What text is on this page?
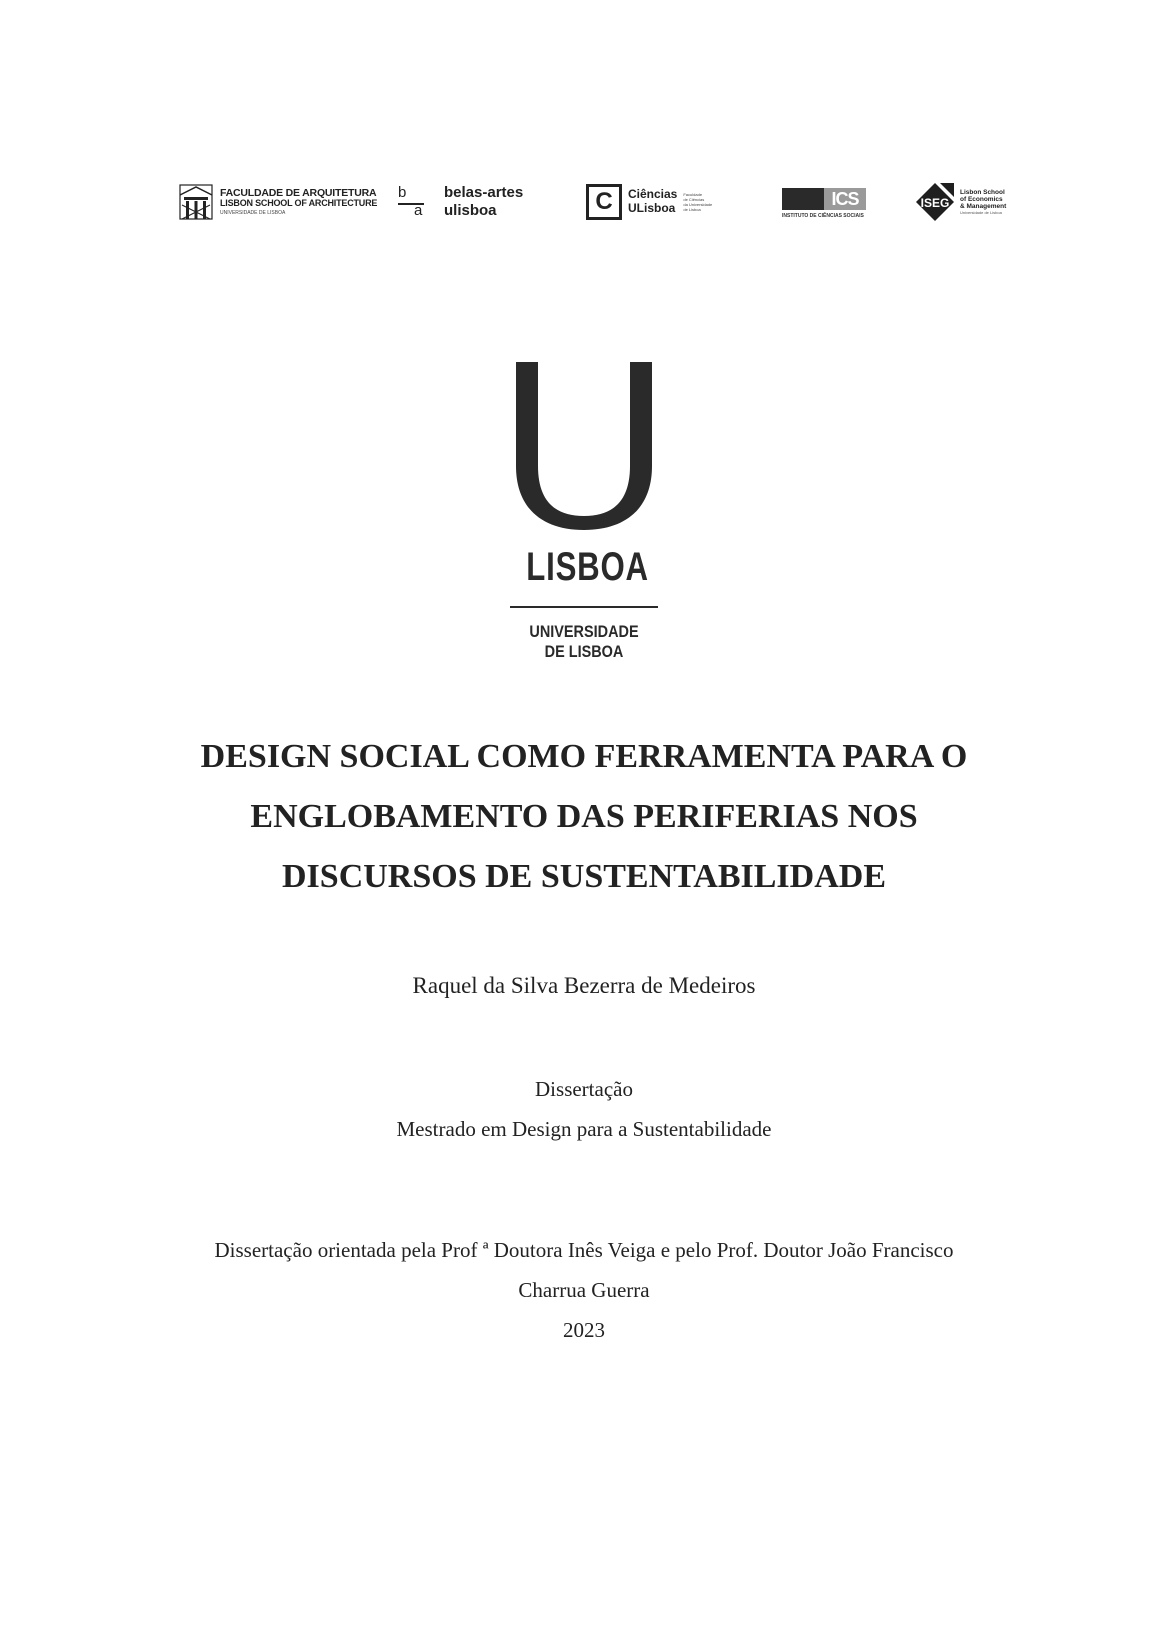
FACULDADE DE ARQUITETURA
LISBON SCHOOL OF ARCHITECTURE
UNIVERSIDADE DE LISBOA
b
a
belas-artes
ulisboa	C	Ciências
ULisboa
Faculdade
de Ciências
da Universidade
de Lisboa
ICS
INSTITUTO DE CIÊNCIAS SOCIAIS
ISEG
Lisbon School
of Economics
& Management
Universidade de Lisboa
LISBOA
UNIVERSIDADE
DE LISBOA
DESIGN SOCIAL COMO FERRAMENTA PARA O
ENGLOBAMENTO DAS PERIFERIAS NOS
DISCURSOS DE SUSTENTABILIDADE
Raquel da Silva Bezerra de Medeiros
Dissertação
Mestrado em Design para a Sustentabilidade
Dissertação orientada pela Prof ª Doutora Inês Veiga e pelo Prof. Doutor João Francisco
Charrua Guerra
2023
